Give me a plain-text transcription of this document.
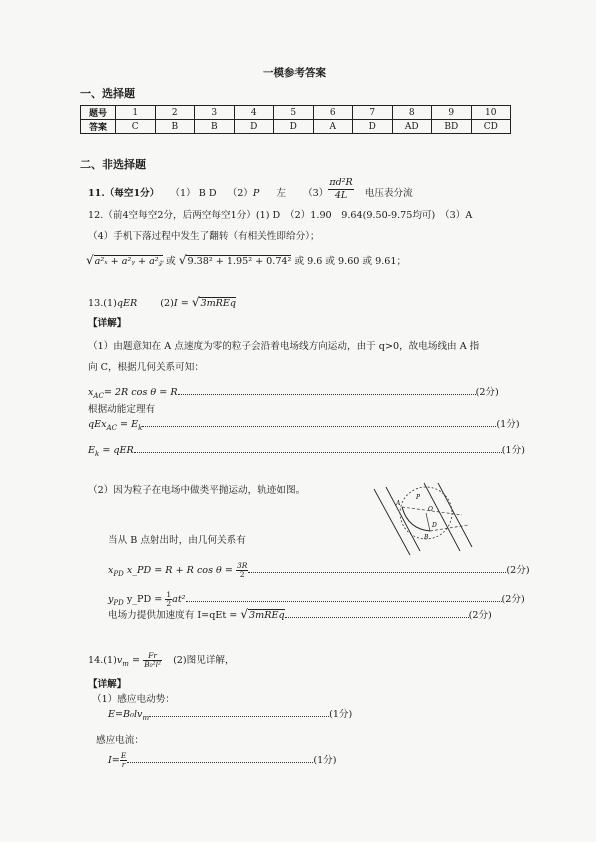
一模参考答案
一、选择题
题号	1	2	3	4	5	6	7	8	9	10
答案	C	B	B	D	D	A	D	AD	BD	CD
二、非选择题
11.（每空1分） （1） B D （2）P 左 $(3) \frac{\text{πd²R}}{4L}$ 电压表分流
12.（前4空每空2分，后两空每空1分）(1) D　（2）1.90　9.64(9.50-9.75均可)　（3）A
（4）手机下落过程中发生了翻转（有相关性即给分）；
√a²ₓ + a²ᵧ + a²𝓏 或 √9.38² + 1.95² + 0.74² 或 9.6 或 9.60 或 9.61；
13.(1)qER (2)I = √3mREq
【详解】
（1）由题意知在 A 点速度为零的粒子会沿着电场线方向运动，由于 q>0，故电场线由 A 指
向 C，根据几何关系可知：
$x_{AC}= 2R$ cos θ = R	(2分)
根据动能定理有
$qEx_{AC} = E_k$	(1分)
$E_k$ = qER	(1分)
（2）因为粒子在电场中做类平抛运动，轨迹如图。
P
A
B
D
O
当从 B 点射出时，由几何关系有
$x_{PD}$ x_PD = R + R $\cos \theta = \frac{3R}{2}$	(2分)
$y_{PD}$ y_PD = $\frac{1}{2} at^2$	(2分)
电场力提供加速度有 I=qEt = √3mREq	(2分)
$14.(1)v_m = \frac{Fr}{\text{B₀²l²}} (2)$图见详解，
【详解】
（1）感应电动势：
$E=B_0lv_m$	(1分)
感应电流：
$I= \frac{E}{r}$	(1分)
